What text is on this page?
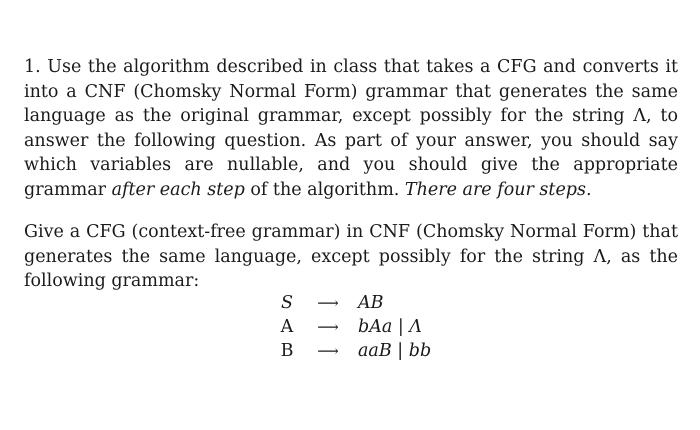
1. Use the algorithm described in class that takes a CFG and converts it into a CNF (Chomsky Normal Form) grammar that generates the same language as the original grammar, except possibly for the string Λ, to answer the following question. As part of your answer, you should say which variables are nullable, and you should give the appropriate grammar after each step of the algorithm. There are four steps.
Give a CFG (context-free grammar) in CNF (Chomsky Normal Form) that generates the same language, except possibly for the string Λ, as the following grammar:
S	⟶	AB
A	⟶	bAa | Λ
B	⟶	aaB | bb
